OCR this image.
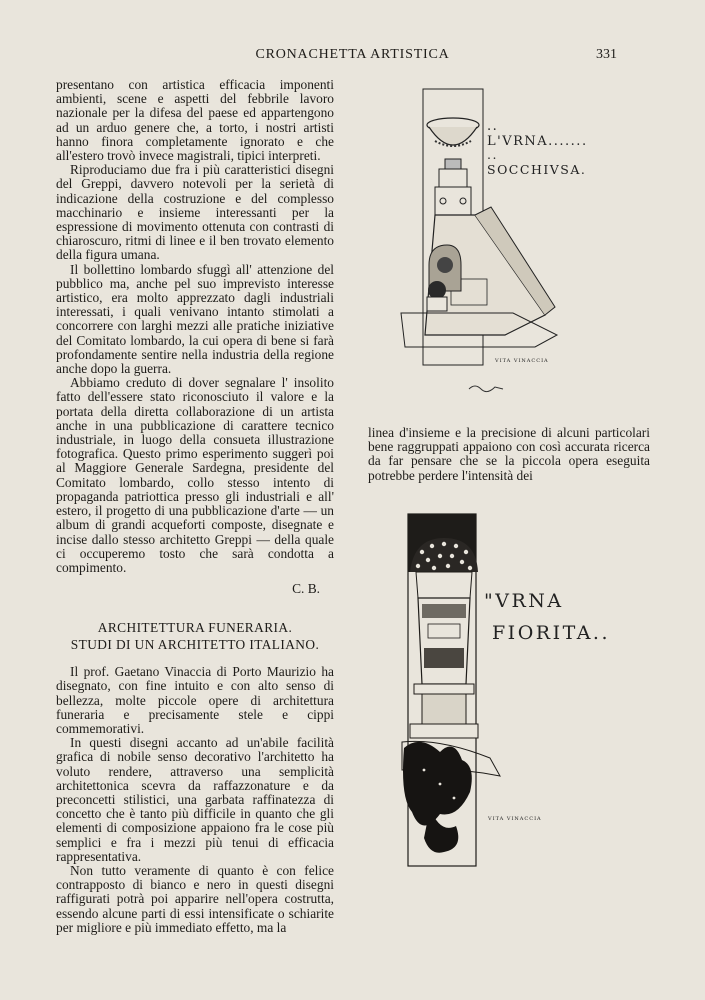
CRONACHETTA ARTISTICA	331

presentano con artistica efficacia imponenti ambienti, scene e aspetti del febbrile lavoro nazionale per la difesa del paese ed appartengono ad un arduo genere che, a torto, i nostri artisti hanno finora completamente ignorato e che all'estero trovò invece magistrali, tipici interpreti.

Riproduciamo due fra i più caratteristici disegni del Greppi, davvero notevoli per la serietà di indicazione della costruzione e del complesso macchinario e insieme interessanti per la espressione di movimento ottenuta con contrasti di chiaroscuro, ritmi di linee e il ben trovato elemento della figura umana.

Il bollettino lombardo sfuggì all' attenzione del pubblico ma, anche pel suo imprevisto interesse artistico, era molto apprezzato dagli industriali interessati, i quali venivano intanto stimolati a concorrere con larghi mezzi alle pratiche iniziative del Comitato lombardo, la cui opera di bene si farà profondamente sentire nella industria della regione anche dopo la guerra.

Abbiamo creduto di dover segnalare l' insolito fatto dell'essere stato riconosciuto il valore e la portata della diretta collaborazione di un artista anche in una pubblicazione di carattere tecnico industriale, in luogo della consueta illustrazione fotografica. Questo primo esperimento suggerì poi al Maggiore Generale Sardegna, presidente del Comitato lombardo, collo stesso intento di propaganda patriottica presso gli industriali e all' estero, il progetto di una pubblicazione d'arte — un album di grandi acqueforti composte, disegnate e incise dallo stesso architetto Greppi — della quale ci occuperemo tosto che sarà condotta a compimento.

C. B.
ARCHITETTURA FUNERARIA.
STUDI DI UN ARCHITETTO ITALIANO.

Il prof. Gaetano Vinaccia di Porto Maurizio ha disegnato, con fine intuito e con alto senso di bellezza, molte piccole opere di architettura funeraria e precisamente stele e cippi commemorativi.

In questi disegni accanto ad un'abile facilità grafica di nobile senso decorativo l'architetto ha voluto rendere, attraverso una semplicità architettonica scevra da raffazzonature e da preconcetti stilistici, una garbata raffinatezza di concetto che è tanto più difficile in quanto che gli elementi di composizione appaiono fra le cose più semplici e fra i mezzi più tenui di efficacia rappresentativa.

Non tutto veramente di quanto è con felice contrapposto di bianco e nero in questi disegni raffigurati potrà poi apparire nell'opera costrutta, essendo alcune parti di essi intensificate o schiarite per migliore e più immediato effetto, ma la

.. L'VRNA.......
.. SOCCHIVSA.
VITA VINACCIA

linea d'insieme e la precisione di alcuni particolari bene raggruppati appaiono con così accurata ricerca da far pensare che se la piccola opera eseguita potrebbe perdere l'intensità dei

"VRNA
FIORITA..
VITA VINACCIA
